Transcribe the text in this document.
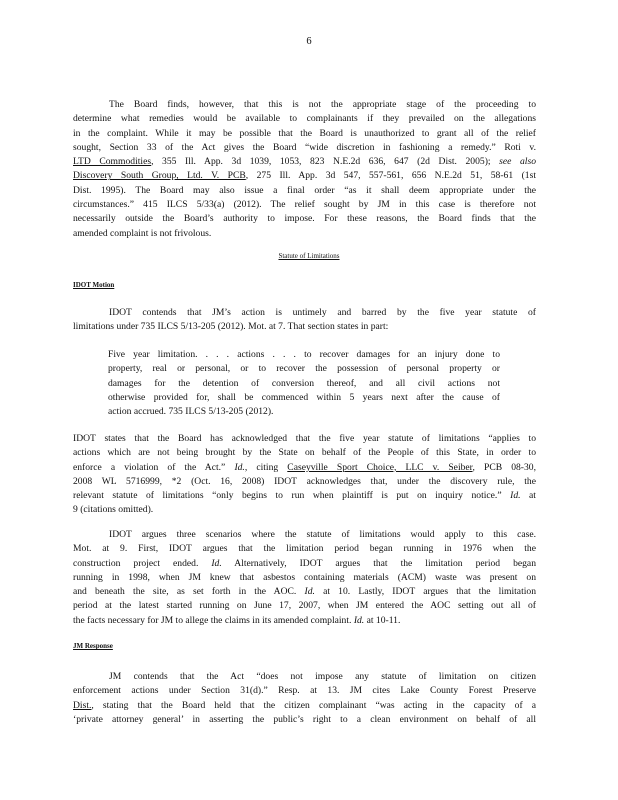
6
The Board finds, however, that this is not the appropriate stage of the proceeding to
determine what remedies would be available to complainants if they prevailed on the allegations
in the complaint. While it may be possible that the Board is unauthorized to grant all of the relief
sought, Section 33 of the Act gives the Board “wide discretion in fashioning a remedy.” Roti v.
LTD Commodities, 355 Ill. App. 3d 1039, 1053, 823 N.E.2d 636, 647 (2d Dist. 2005); see also
Discovery South Group, Ltd. V. PCB, 275 Ill. App. 3d 547, 557-561, 656 N.E.2d 51, 58-61 (1st
Dist. 1995). The Board may also issue a final order “as it shall deem appropriate under the
circumstances.” 415 ILCS 5/33(a) (2012). The relief sought by JM in this case is therefore not
necessarily outside the Board’s authority to impose. For these reasons, the Board finds that the
amended complaint is not frivolous.
Statute of Limitations
IDOT Motion
IDOT contends that JM’s action is untimely and barred by the five year statute of
limitations under 735 ILCS 5/13-205 (2012). Mot. at 7. That section states in part:
Five year limitation. . . . actions . . . to recover damages for an injury done to
property, real or personal, or to recover the possession of personal property or
damages for the detention of conversion thereof, and all civil actions not
otherwise provided for, shall be commenced within 5 years next after the cause of
action accrued. 735 ILCS 5/13-205 (2012).
IDOT states that the Board has acknowledged that the five year statute of limitations “applies to
actions which are not being brought by the State on behalf of the People of this State, in order to
enforce a violation of the Act.” Id., citing Caseyville Sport Choice, LLC v. Seiber, PCB 08-30,
2008 WL 5716999, *2 (Oct. 16, 2008) IDOT acknowledges that, under the discovery rule, the
relevant statute of limitations “only begins to run when plaintiff is put on inquiry notice.” Id. at
9 (citations omitted).
IDOT argues three scenarios where the statute of limitations would apply to this case.
Mot. at 9. First, IDOT argues that the limitation period began running in 1976 when the
construction project ended. Id. Alternatively, IDOT argues that the limitation period began
running in 1998, when JM knew that asbestos containing materials (ACM) waste was present on
and beneath the site, as set forth in the AOC. Id. at 10. Lastly, IDOT argues that the limitation
period at the latest started running on June 17, 2007, when JM entered the AOC setting out all of
the facts necessary for JM to allege the claims in its amended complaint. Id. at 10-11.
JM Response
JM contends that the Act “does not impose any statute of limitation on citizen
enforcement actions under Section 31(d).” Resp. at 13. JM cites Lake County Forest Preserve
Dist., stating that the Board held that the citizen complainant “was acting in the capacity of a
‘private attorney general’ in asserting the public’s right to a clean environment on behalf of all
